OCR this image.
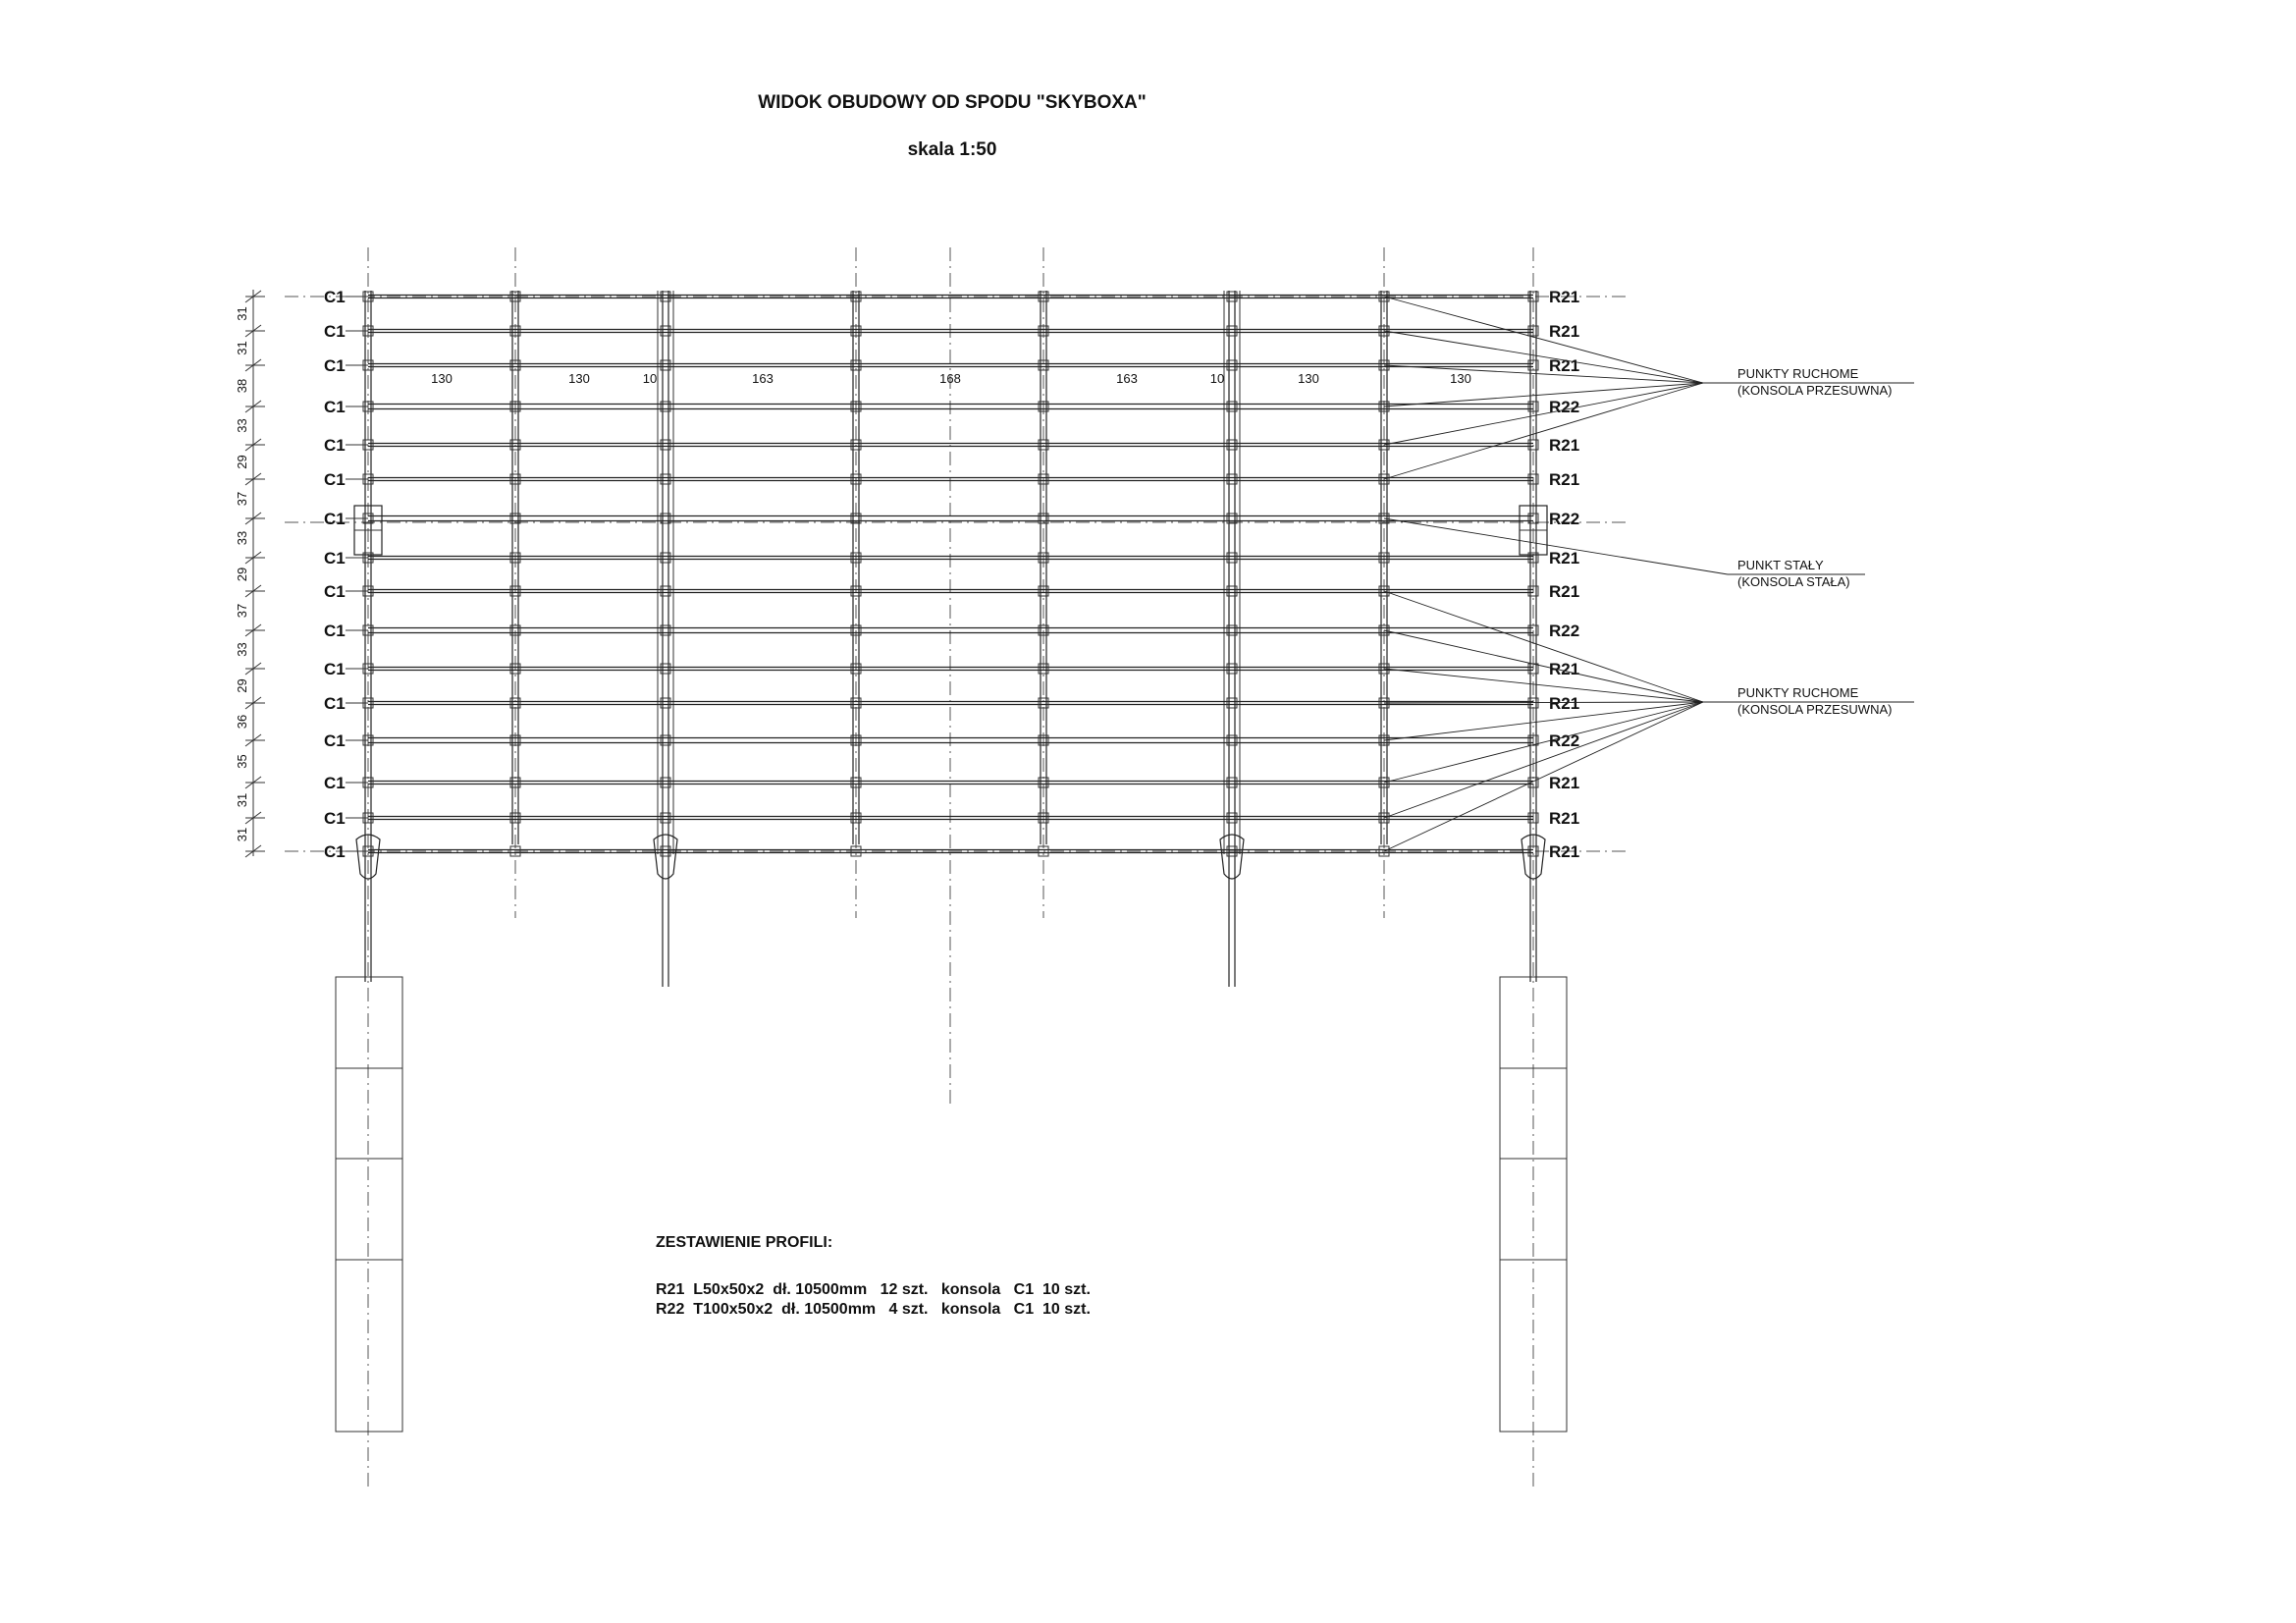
WIDOK OBUDOWY OD SPODU "SKYBOXA"
skala 1:50
C1	R21
C1	R21
C1	R21
C1	R22
C1	R21
C1	R21
C1	R22
C1	R21
C1	R21
C1	R22
C1	R21
C1	R21
C1	R22
C1	R21
C1	R21
C1	R21
31
31
38
33
29
37
33
29
37
33
29
36
35
31
31
130	130	10	163	168	163	10	130	130	PUNKTY RUCHOME
(KONSOLA PRZESUWNA)
PUNKT STAŁY
(KONSOLA STAŁA)
PUNKTY RUCHOME
(KONSOLA PRZESUWNA)
ZESTAWIENIE PROFILI:
R21  L50x50x2  dł. 10500mm   12 szt.   konsola   C1  10 szt.
R22  T100x50x2  dł. 10500mm   4 szt.   konsola   C1  10 szt.
